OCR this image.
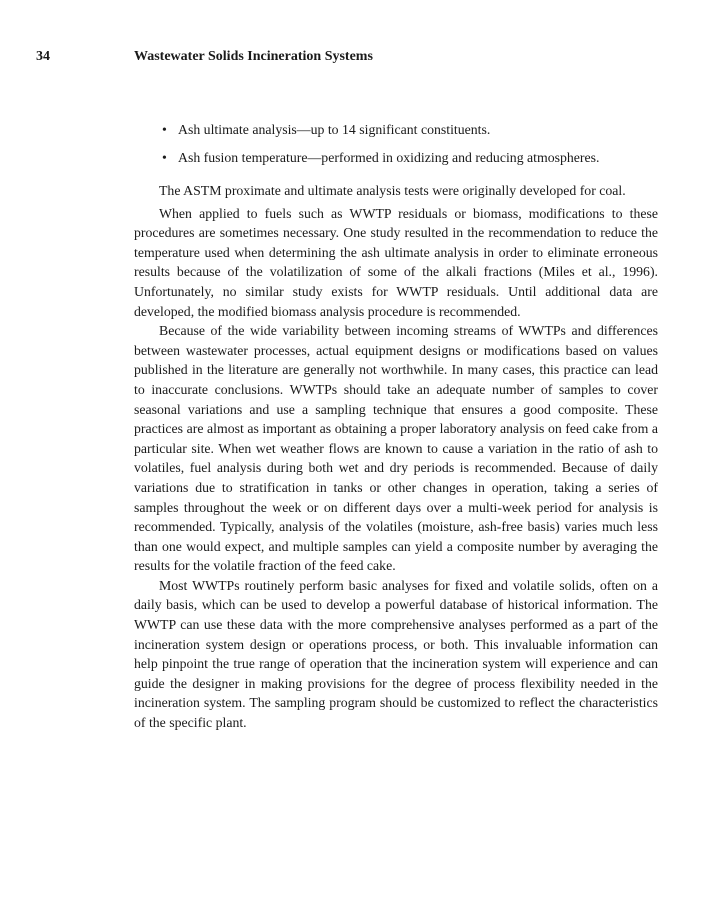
34	Wastewater Solids Incineration Systems
• Ash ultimate analysis—up to 14 significant constituents.
• Ash fusion temperature—performed in oxidizing and reducing atmospheres.

The ASTM proximate and ultimate analysis tests were originally developed for coal.

When applied to fuels such as WWTP residuals or biomass, modifications to these procedures are sometimes necessary. One study resulted in the recommendation to reduce the temperature used when determining the ash ultimate analysis in order to eliminate erroneous results because of the volatilization of some of the alkali fractions (Miles et al., 1996). Unfortunately, no similar study exists for WWTP residuals. Until additional data are developed, the modified biomass analysis procedure is recommended.

Because of the wide variability between incoming streams of WWTPs and differences between wastewater processes, actual equipment designs or modifications based on values published in the literature are generally not worthwhile. In many cases, this practice can lead to inaccurate conclusions. WWTPs should take an adequate number of samples to cover seasonal variations and use a sampling technique that ensures a good composite. These practices are almost as important as obtaining a proper laboratory analysis on feed cake from a particular site. When wet weather flows are known to cause a variation in the ratio of ash to volatiles, fuel analysis during both wet and dry periods is recommended. Because of daily variations due to stratification in tanks or other changes in operation, taking a series of samples throughout the week or on different days over a multi-week period for analysis is recommended. Typically, analysis of the volatiles (moisture, ash-free basis) varies much less than one would expect, and multiple samples can yield a composite number by averaging the results for the volatile fraction of the feed cake.

Most WWTPs routinely perform basic analyses for fixed and volatile solids, often on a daily basis, which can be used to develop a powerful database of historical information. The WWTP can use these data with the more comprehensive analyses performed as a part of the incineration system design or operations process, or both. This invaluable information can help pinpoint the true range of operation that the incineration system will experience and can guide the designer in making provisions for the degree of process flexibility needed in the incineration system. The sampling program should be customized to reflect the characteristics of the specific plant.
